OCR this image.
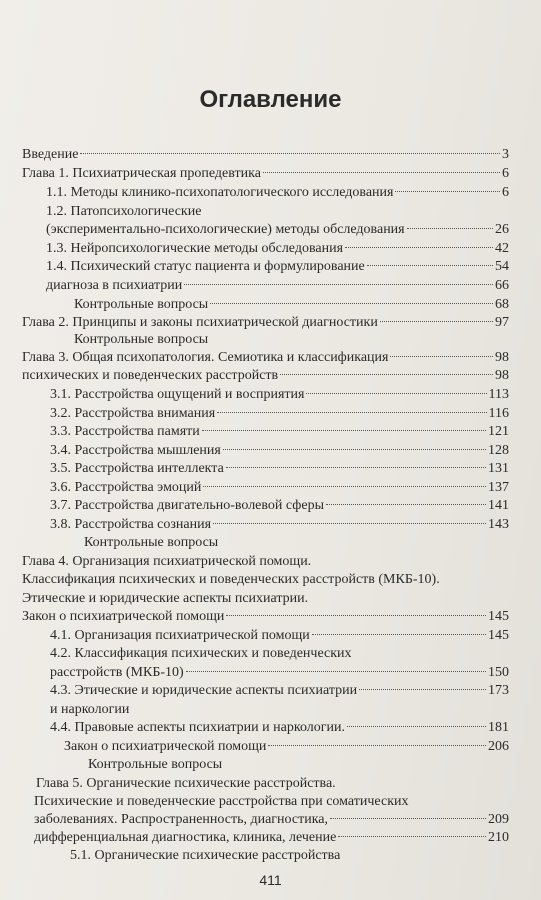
Оглавление
Введение	3
Глава 1. Психиатрическая пропедевтика	6
1.1. Методы клинико-психопатологического исследования	6
1.2. Патопсихологические
(экспериментально-психологические) методы обследования	26
1.3. Нейропсихологические методы обследования	42
1.4. Психический статус пациента и формулирование	54
диагноза в психиатрии	66
Контрольные вопросы	68
Глава 2. Принципы и законы психиатрической диагностики	97
Контрольные вопросы
Глава 3. Общая психопатология. Семиотика и классификация	98
психических и поведенческих расстройств	98
3.1. Расстройства ощущений и восприятия	113
3.2. Расстройства внимания	116
3.3. Расстройства памяти	121
3.4. Расстройства мышления	128
3.5. Расстройства интеллекта	131
3.6. Расстройства эмоций	137
3.7. Расстройства двигательно-волевой сферы	141
3.8. Расстройства сознания	143
Контрольные вопросы
Глава 4. Организация психиатрической помощи.
Классификация психических и поведенческих расстройств (МКБ-10).
Этические и юридические аспекты психиатрии.
Закон о психиатрической помощи	145
4.1. Организация психиатрической помощи	145
4.2. Классификация психических и поведенческих
расстройств (МКБ-10)	150
4.3. Этические и юридические аспекты психиатрии	173
и наркологии
4.4. Правовые аспекты психиатрии и наркологии.	181
Закон о психиатрической помощи	206
Контрольные вопросы
Глава 5. Органические психические расстройства.
Психические и поведенческие расстройства при соматических
заболеваниях. Распространенность, диагностика,	209
дифференциальная диагностика, клиника, лечение	210
5.1. Органические психические расстройства
411
